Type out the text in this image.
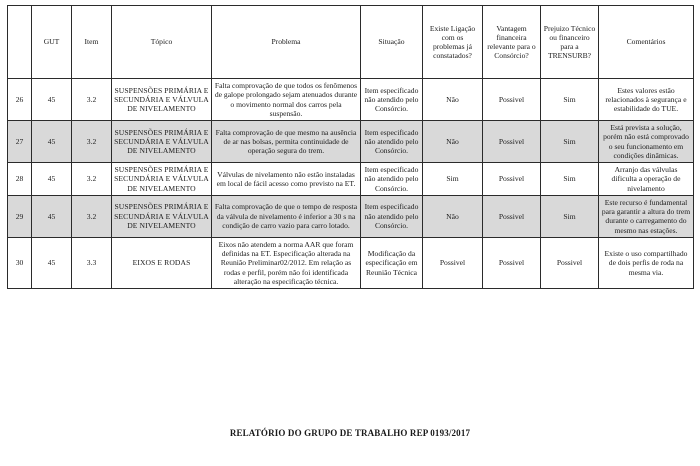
	GUT	Item	Tópico	Problema	Situação	Existe Ligação com os problemas já constatados?	Vantagem financeira relevante para o Consórcio?	Prejuizo Técnico ou financeiro para a TRENSURB?	Comentários
26	45	3.2	SUSPENSÕES PRIMÁRIA E SECUNDÁRIA E VÁLVULA DE NIVELAMENTO	Falta comprovação de que todos os fenômenos de galope prolongado sejam atenuados durante o movimento normal dos carros pela suspensão.	Item especificado não atendido pelo Consórcio.	Não	Possivel	Sim	Estes valores estão relacionados à segurança e estabilidade do TUE.
27	45	3.2	SUSPENSÕES PRIMÁRIA E SECUNDÁRIA E VÁLVULA DE NIVELAMENTO	Falta comprovação de que mesmo na ausência de ar nas bolsas, permita continuidade de operação segura do trem.	Item especificado não atendido pelo Consórcio.	Não	Possivel	Sim	Está prevista a solução, porém não está comprovado o seu funcionamento em condições dinâmicas.
28	45	3.2	SUSPENSÕES PRIMÁRIA E SECUNDÁRIA E VÁLVULA DE NIVELAMENTO	Válvulas de nivelamento não estão instaladas em local de fácil acesso como previsto na ET.	Item especificado não atendido pelo Consórcio.	Sim	Possivel	Sim	Arranjo das válvulas dificulta a operação de nivelamento
29	45	3.2	SUSPENSÕES PRIMÁRIA E SECUNDÁRIA E VÁLVULA DE NIVELAMENTO	Falta comprovação de que o tempo de resposta da válvula de nivelamento é inferior a 30 s na condição de carro vazio para carro lotado.	Item especificado não atendido pelo Consórcio.	Não	Possivel	Sim	Este recurso é fundamental para garantir a altura do trem durante o carregamento do mesmo nas estações.
30	45	3.3	EIXOS E RODAS	Eixos não atendem a norma AAR que foram definidas na ET. Especificação alterada na Reunião Preliminar02/2012. Em relação as rodas e perfil, porém não foi identificada alteração na especificação técnica.	Modificação da especificação em Reunião Técnica	Possivel	Possivel	Possivel	Existe o uso compartilhado de dois perfis de roda na mesma via.
RELATÓRIO DO GRUPO DE TRABALHO REP 0193/2017
